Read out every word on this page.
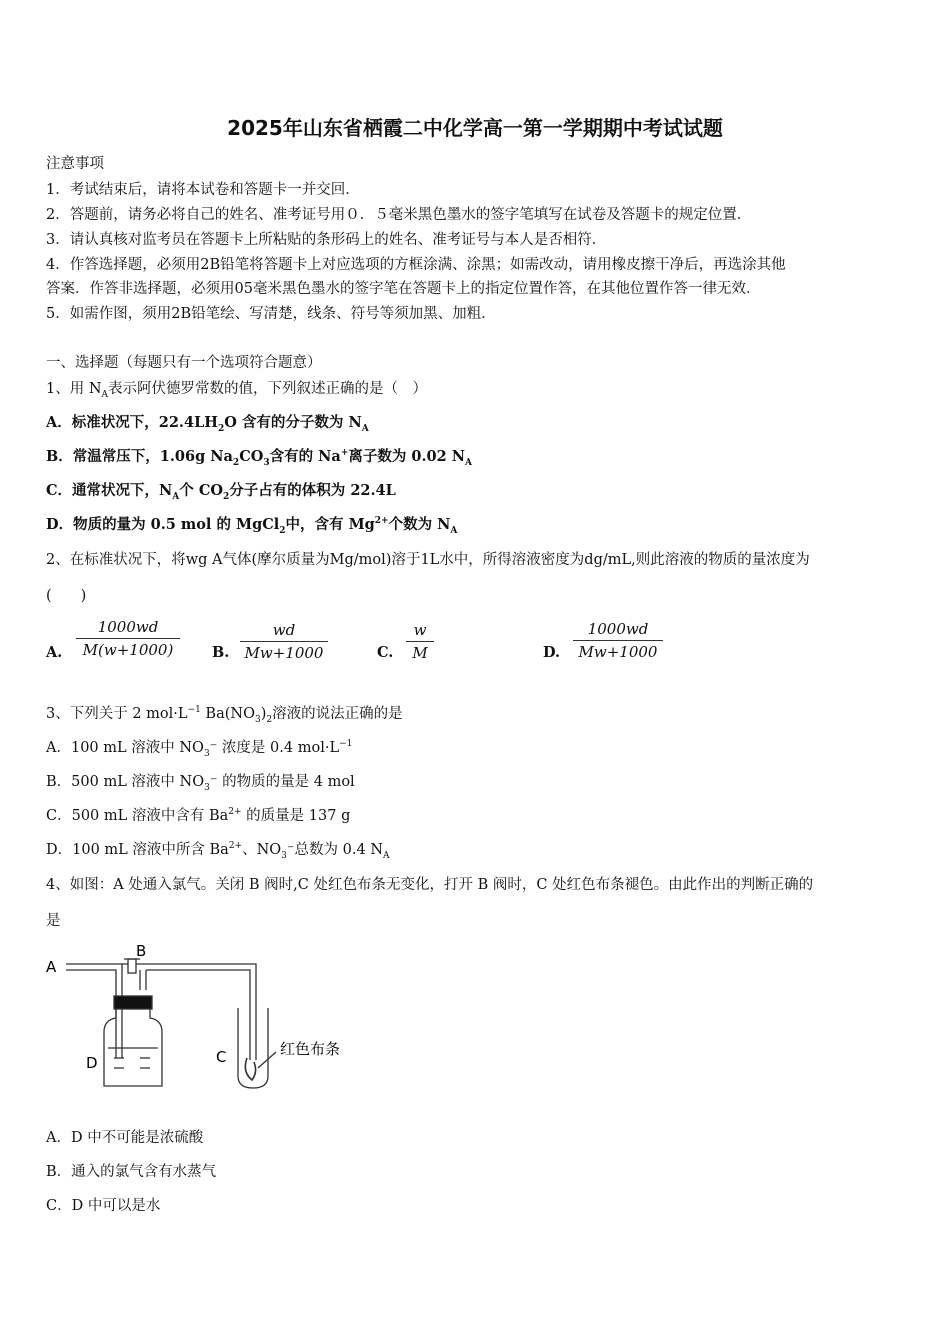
2025年山东省栖霞二中化学高一第一学期期中考试试题
注意事项
1．考试结束后，请将本试卷和答题卡一并交回．
2．答题前，请务必将自己的姓名、准考证号用０．５毫米黑色墨水的签字笔填写在试卷及答题卡的规定位置．
3．请认真核对监考员在答题卡上所粘贴的条形码上的姓名、准考证号与本人是否相符．
4．作答选择题，必须用2B铅笔将答题卡上对应选项的方框涂满、涂黑；如需改动，请用橡皮擦干净后，再选涂其他
答案．作答非选择题，必须用05毫米黑色墨水的签字笔在答题卡上的指定位置作答，在其他位置作答一律无效．
5．如需作图，须用2B铅笔绘、写清楚，线条、符号等须加黑、加粗．
一、选择题（每题只有一个选项符合题意）
1、用 $N_A$表示阿伏德罗常数的值，下列叙述正确的是（　）
A．标准状况下，$22.4LH_2O$ 含有的分子数为 $N_A$
B．常温常压下，1.06g $Na_2CO_3$含有的 Na+离子数为 0.02 $N_A$
C．通常状况下，$N_A$个 $CO_2$分子占有的体积为 22.4L
D．物质的量为 0.5 mol 的 MgCl$_2$中，含有 $Mg^{2+}$个数为 $N_A$
2、在标准状况下，将wg A气体(摩尔质量为Mg/mol)溶于1L水中，所得溶液密度为dg/mL,则此溶液的物质的量浓度为
(　　)
A. $\frac{1000wd}{M(w+1000)} B$. $\frac{wd}{Mw+1000}$	C. $\frac{w}{M}$	D. $\frac{1000wd}{Mw+1000}$
3、下列关于 2 $mol\cdot L^{-1}$ $Ba(NO_3)_2$溶液的说法正确的是
A．100 mL 溶液中 $NO_3^-$ 浓度是 0.4 $mol\cdot L^{-1}$
B．500 mL 溶液中 $NO_3^-$ 的物质的量是 4 mol
C．500 mL 溶液中含有 $Ba^{2+}$ 的质量是 137 g
D．100 mL 溶液中所含 $Ba^{2+}$、$NO_3^-$总数为 0.4 $N_A$
4、如图：A 处通入氯气。关闭 B 阀时,C 处红色布条无变化，打开 B 阀时，C 处红色布条褪色。由此作出的判断正确的
是
A
B
D	C	红色布条
A．D 中不可能是浓硫酸
B．通入的氯气含有水蒸气
C．D 中可以是水
